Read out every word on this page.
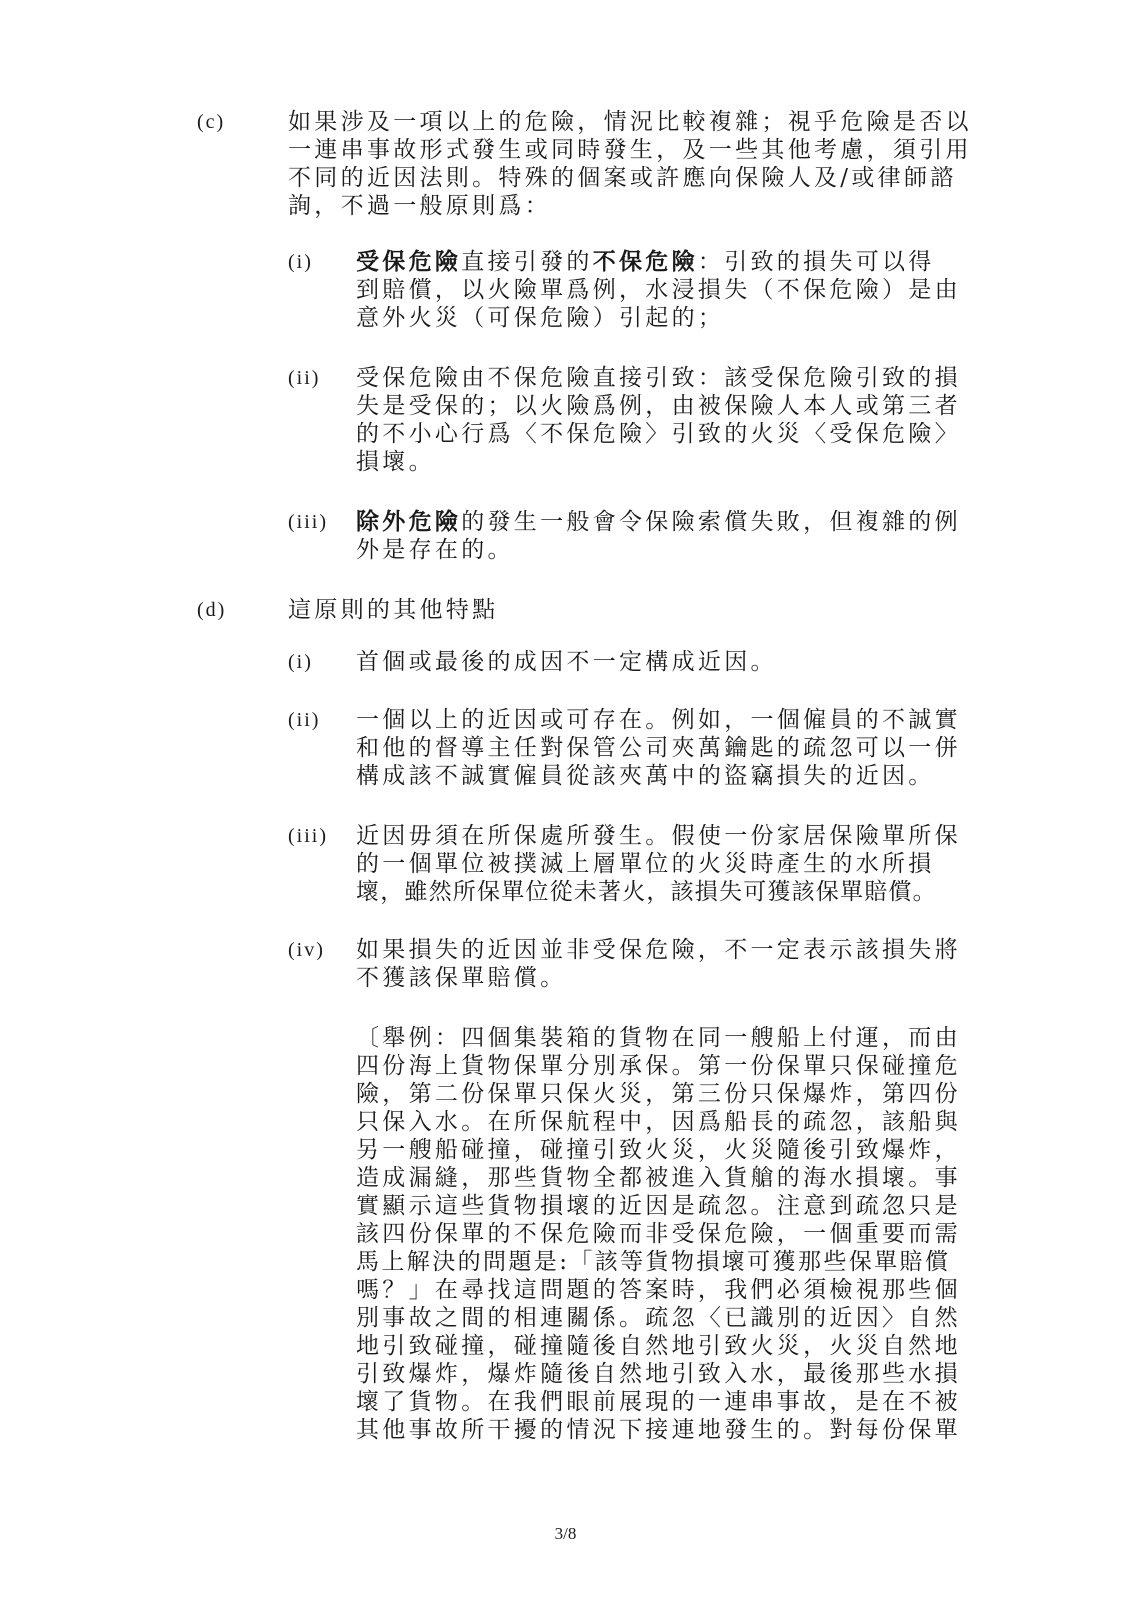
(c)	如果涉及一項以上的危險，情況比較複雜；視乎危險是否以
一連串事故形式發生或同時發生，及一些其他考慮，須引用
不同的近因法則。特殊的個案或許應向保險人及/或律師諮
詢，不過一般原則爲：
(i) 受保危險直接引發的不保危險：引致的損失可以得
到賠償，以火險單爲例，水浸損失（不保危險）是由
意外火災（可保危險）引起的；
(ii) 受保危險由不保危險直接引致：該受保危險引致的損
失是受保的；以火險爲例，由被保險人本人或第三者
的不小心行爲〈不保危險〉引致的火災〈受保危險〉
損壞。
(iii) 除外危險的發生一般會令保險索償失敗，但複雜的例
外是存在的。
(d)	這原則的其他特點
(i) 首個或最後的成因不一定構成近因。
(ii) 一個以上的近因或可存在。例如，一個僱員的不誠實
和他的督導主任對保管公司夾萬鑰匙的疏忽可以一併
構成該不誠實僱員從該夾萬中的盜竊損失的近因。
(iii) 近因毋須在所保處所發生。假使一份家居保險單所保
的一個單位被撲滅上層單位的火災時產生的水所損
壞，雖然所保單位從未著火，該損失可獲該保單賠償。
(iv) 如果損失的近因並非受保危險，不一定表示該損失將
不獲該保單賠償。
〔舉例：四個集裝箱的貨物在同一艘船上付運，而由
四份海上貨物保單分別承保。第一份保單只保碰撞危
險，第二份保單只保火災，第三份只保爆炸，第四份
只保入水。在所保航程中，因爲船長的疏忽，該船與
另一艘船碰撞，碰撞引致火災，火災隨後引致爆炸，
造成漏縫，那些貨物全都被進入貨艙的海水損壞。事
實顯示這些貨物損壞的近因是疏忽。注意到疏忽只是
該四份保單的不保危險而非受保危險，一個重要而需
馬上解決的問題是:「該等貨物損壞可獲那些保單賠償
嗎？」在尋找這問題的答案時，我們必須檢視那些個
別事故之間的相連關係。疏忽〈已識別的近因〉自然
地引致碰撞，碰撞隨後自然地引致火災，火災自然地
引致爆炸，爆炸隨後自然地引致入水，最後那些水損
壞了貨物。在我們眼前展現的一連串事故，是在不被
其他事故所干擾的情況下接連地發生的。對每份保單
3/8
